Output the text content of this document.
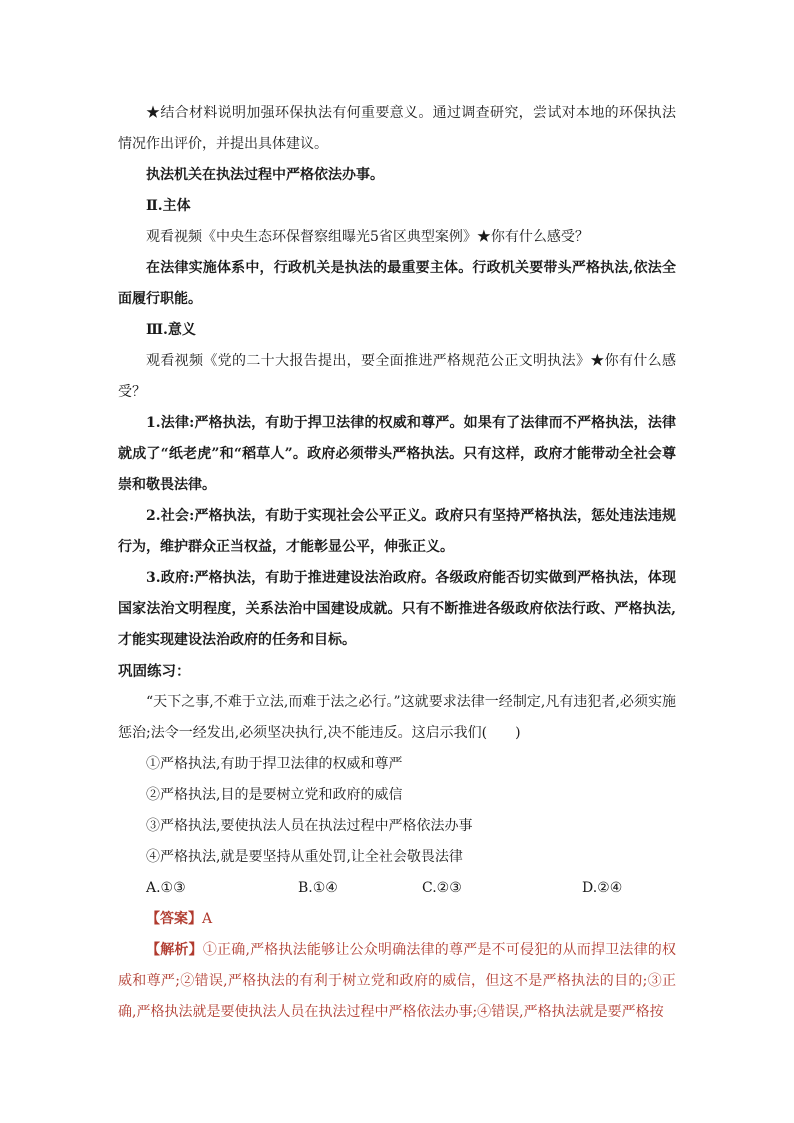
★结合材料说明加强环保执法有何重要意义。通过调查研究，尝试对本地的环保执法情况作出评价，并提出具体建议。

执法机关在执法过程中严格依法办事。

Ⅱ.主体

观看视频《中央生态环保督察组曝光5省区典型案例》★你有什么感受？

在法律实施体系中，行政机关是执法的最重要主体。行政机关要带头严格执法,依法全面履行职能。

Ⅲ.意义

观看视频《党的二十大报告提出，要全面推进严格规范公正文明执法》★你有什么感受？

1.法律:严格执法，有助于捍卫法律的权威和尊严。如果有了法律而不严格执法，法律就成了“纸老虎”和“稻草人”。政府必须带头严格执法。只有这样，政府才能带动全社会尊崇和敬畏法律。

2.社会:严格执法，有助于实现社会公平正义。政府只有坚持严格执法，惩处违法违规行为，维护群众正当权益，才能彰显公平，伸张正义。

3.政府:严格执法，有助于推进建设法治政府。各级政府能否切实做到严格执法，体现国家法治文明程度，关系法治中国建设成就。只有不断推进各级政府依法行政、严格执法,才能实现建设法治政府的任务和目标。

巩固练习：

“天下之事,不难于立法,而难于法之必行。”这就要求法律一经制定,凡有违犯者,必须实施惩治;法令一经发出,必须坚决执行,决不能违反。这启示我们(　　)

①严格执法,有助于捍卫法律的权威和尊严

②严格执法,目的是要树立党和政府的威信

③严格执法,要使执法人员在执法过程中严格依法办事

④严格执法,就是要坚持从重处罚,让全社会敬畏法律

A.①③	B.①④	C.②③	D.②④

【答案】A

【解析】①正确,严格执法能够让公众明确法律的尊严是不可侵犯的从而捍卫法律的权威和尊严;②错误,严格执法的有利于树立党和政府的威信，但这不是严格执法的目的;③正确,严格执法就是要使执法人员在执法过程中严格依法办事;④错误,严格执法就是要严格按
